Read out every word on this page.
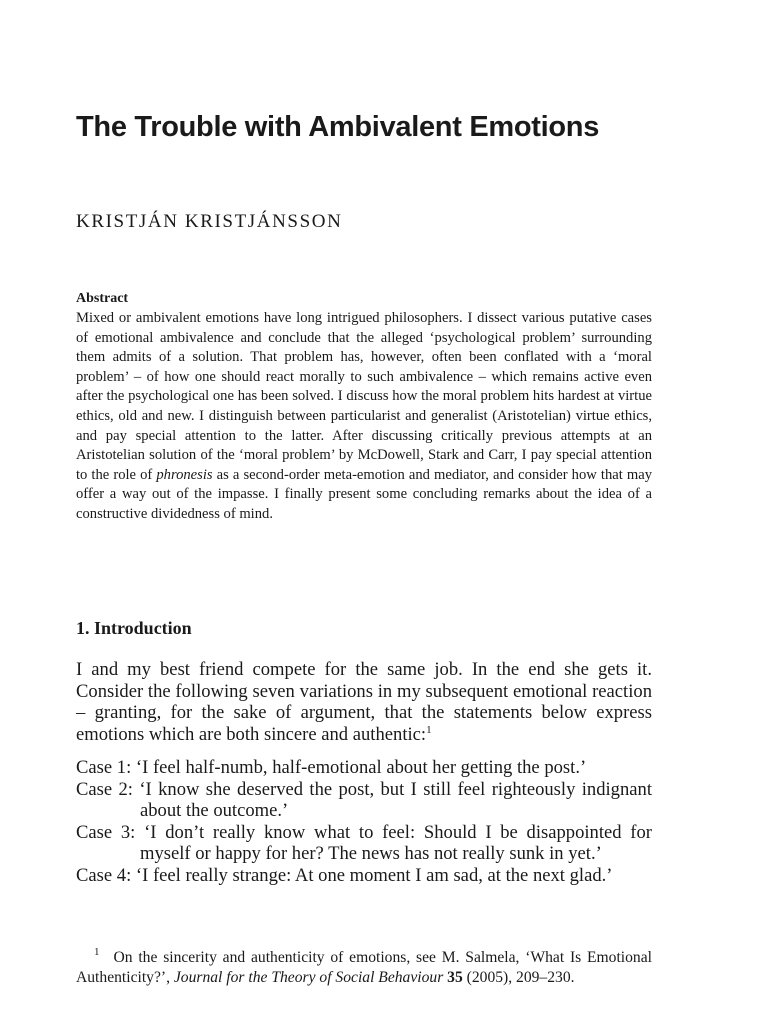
The Trouble with Ambivalent Emotions

KRISTJÁN KRISTJÁNSSON

Abstract

Mixed or ambivalent emotions have long intrigued philosophers. I dissect various putative cases of emotional ambivalence and conclude that the alleged ‘psychological problem’ surrounding them admits of a solution. That problem has, however, often been conflated with a ‘moral problem’ – of how one should react morally to such ambivalence – which remains active even after the psychological one has been solved. I discuss how the moral problem hits hardest at virtue ethics, old and new. I distinguish between particularist and generalist (Aristotelian) virtue ethics, and pay special attention to the latter. After discussing critically previous attempts at an Aristotelian solution of the ‘moral problem’ by McDowell, Stark and Carr, I pay special attention to the role of phronesis as a second-order meta-emotion and mediator, and consider how that may offer a way out of the impasse. I finally present some concluding remarks about the idea of a constructive dividedness of mind.

1. Introduction

I and my best friend compete for the same job. In the end she gets it. Consider the following seven variations in my subsequent emotional reaction – granting, for the sake of argument, that the statements below express emotions which are both sincere and authentic:$^1$

Case 1: ‘I feel half-numb, half-emotional about her getting the post.’
Case 2: ‘I know she deserved the post, but I still feel righteously indignant about the outcome.’
Case 3: ‘I don’t really know what to feel: Should I be disappointed for myself or happy for her? The news has not really sunk in yet.’
Case 4: ‘I feel really strange: At one moment I am sad, at the next glad.’

$^1$ On the sincerity and authenticity of emotions, see M. Salmela, ‘What Is Emotional Authenticity?’, Journal for the Theory of Social Behaviour 35 (2005), 209–230.
